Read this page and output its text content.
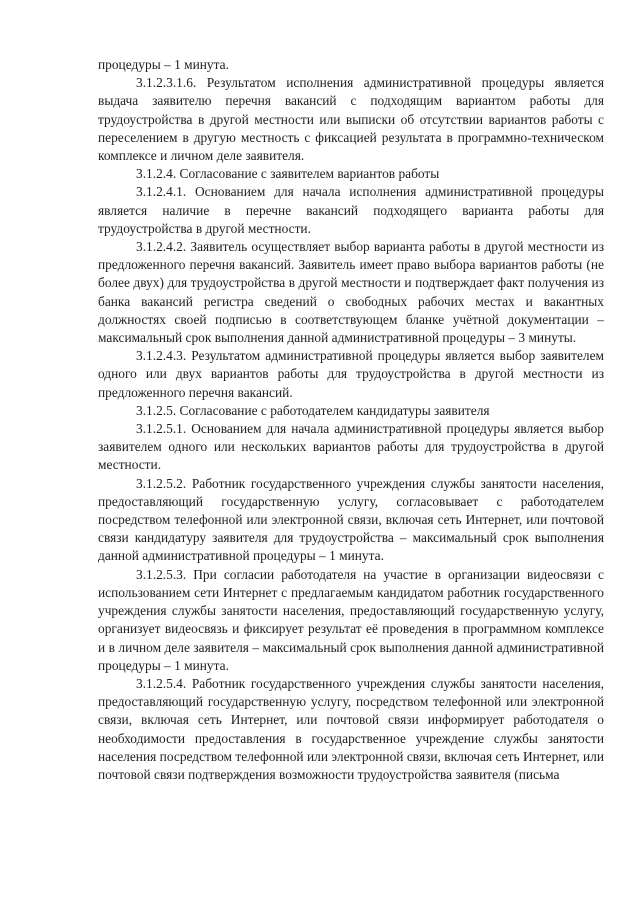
процедуры – 1 минута.

3.1.2.3.1.6. Результатом исполнения административной процедуры является выдача заявителю перечня вакансий с подходящим вариантом работы для трудоустройства в другой местности или выписки об отсутствии вариантов работы с переселением в другую местность с фиксацией результата в программно-техническом комплексе и личном деле заявителя.

3.1.2.4. Согласование с заявителем вариантов работы

3.1.2.4.1. Основанием для начала исполнения административной процедуры является наличие в перечне вакансий подходящего варианта работы для трудоустройства в другой местности.

3.1.2.4.2. Заявитель осуществляет выбор варианта работы в другой местности из предложенного перечня вакансий. Заявитель имеет право выбора вариантов работы (не более двух) для трудоустройства в другой местности и подтверждает факт получения из банка вакансий регистра сведений о свободных рабочих местах и вакантных должностях своей подписью в соответствующем бланке учётной документации – максимальный срок выполнения данной административной процедуры – 3 минуты.

3.1.2.4.3. Результатом административной процедуры является выбор заявителем одного или двух вариантов работы для трудоустройства в другой местности из предложенного перечня вакансий.

3.1.2.5. Согласование с работодателем кандидатуры заявителя

3.1.2.5.1. Основанием для начала административной процедуры является выбор заявителем одного или нескольких вариантов работы для трудоустройства в другой местности.

3.1.2.5.2. Работник государственного учреждения службы занятости населения, предоставляющий государственную услугу, согласовывает с работодателем посредством телефонной или электронной связи, включая сеть Интернет, или почтовой связи кандидатуру заявителя для трудоустройства – максимальный срок выполнения данной административной процедуры – 1 минута.

3.1.2.5.3. При согласии работодателя на участие в организации видеосвязи с использованием сети Интернет с предлагаемым кандидатом работник государственного учреждения службы занятости населения, предоставляющий государственную услугу, организует видеосвязь и фиксирует результат её проведения в программном комплексе и в личном деле заявителя – максимальный срок выполнения данной административной процедуры – 1 минута.

3.1.2.5.4. Работник государственного учреждения службы занятости населения, предоставляющий государственную услугу, посредством телефонной или электронной связи, включая сеть Интернет, или почтовой связи информирует работодателя о необходимости предоставления в государственное учреждение службы занятости населения посредством телефонной или электронной связи, включая сеть Интернет, или почтовой связи подтверждения возможности трудоустройства заявителя (письма
